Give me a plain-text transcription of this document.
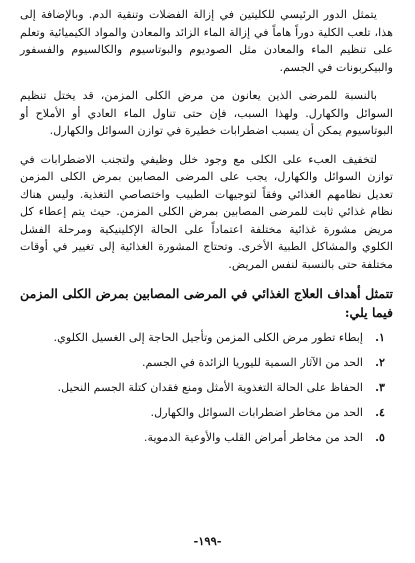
يتمثل الدور الرئيسي للكليتين في إزالة الفضلات وتنقية الدم. وبالإضافة إلى هذا، تلعب الكلية دوراً هاماً في إزالة الماء الزائد والمعادن والمواد الكيميائية وتعلم على تنظيم الماء والمعادن مثل الصوديوم والبوتاسيوم والكالسيوم والفسفور والبيكربونات في الجسم.

بالنسبة للمرضى الذين يعانون من مرض الكلى المزمن، قد يختل تنظيم السوائل والكهارل. ولهذا السبب، فإن حتى تناول الماء العادي أو الأملاح أو البوتاسيوم يمكن أن يسبب اضطرابات خطيرة في توازن السوائل والكهارل.

لتخفيف العبء على الكلى مع وجود خلل وظيفي ولتجنب الاضطرابات في توازن السوائل والكهارل، يجب على المرضى المصابين بمرض الكلى المزمن تعديل نظامهم الغذائي وفقاً لتوجيهات الطبيب واختصاصي التغذية. وليس هناك نظام غذائي ثابت للمرضى المصابين بمرض الكلى المزمن. حيث يتم إعطاء كل مريض مشورة غذائية مختلفة اعتماداً على الحالة الإكلينيكية ومرحلة الفشل الكلوي والمشاكل الطبية الأخرى. وتحتاج المشورة الغذائية إلى تغيير في أوقات مختلفة حتى بالنسبة لنفس المريض.

تتمثل أهداف العلاج الغذائي في المرضى المصابين بمرض الكلى المزمن فيما يلي:

١.
إبطاء تطور مرض الكلى المزمن وتأجيل الحاجة إلى الغسيل الكلوي.
٢.
الحد من الآثار السمية لليوريا الزائدة في الجسم.
٣.
الحفاظ على الحالة التغذوية الأمثل ومنع فقدان كتلة الجسم النحيل.
٤.
الحد من مخاطر اضطرابات السوائل والكهارل.
٥.
الحد من مخاطر أمراض القلب والأوعية الدموية.
-١٩٩-
